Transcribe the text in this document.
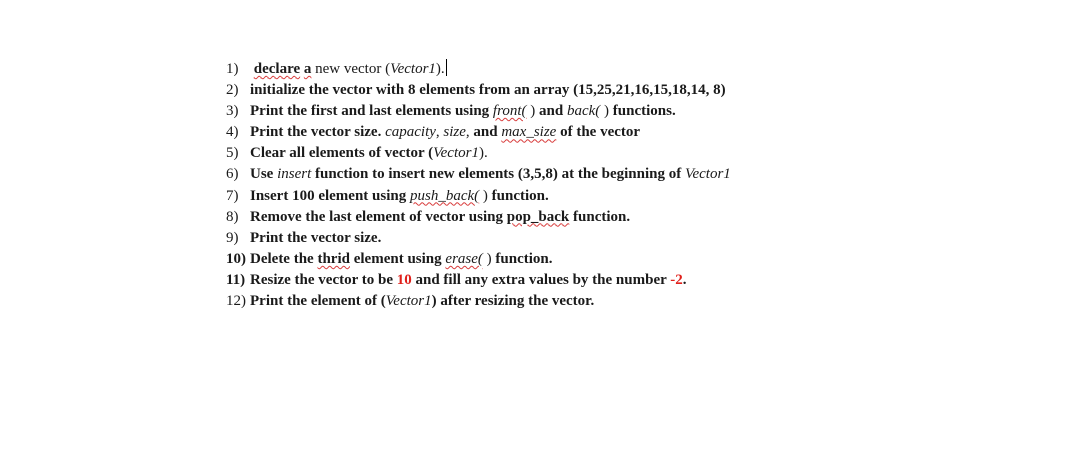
1) declare a new vector (Vector1).
2) initialize the vector with 8 elements from an array (15,25,21,16,15,18,14, 8)
3) Print the first and last elements using front( ) and back( ) functions.
4) Print the vector size. capacity, size, and max_size of the vector
5) Clear all elements of vector (Vector1).
6) Use insert function to insert new elements (3,5,8) at the beginning of Vector1
7) Insert 100 element using push_back( ) function.
8) Remove the last element of vector using pop_back function.
9) Print the vector size.
10) Delete the thrid element using erase( ) function.
11) Resize the vector to be 10 and fill any extra values by the number -2.
12) Print the element of (Vector1) after resizing the vector.
